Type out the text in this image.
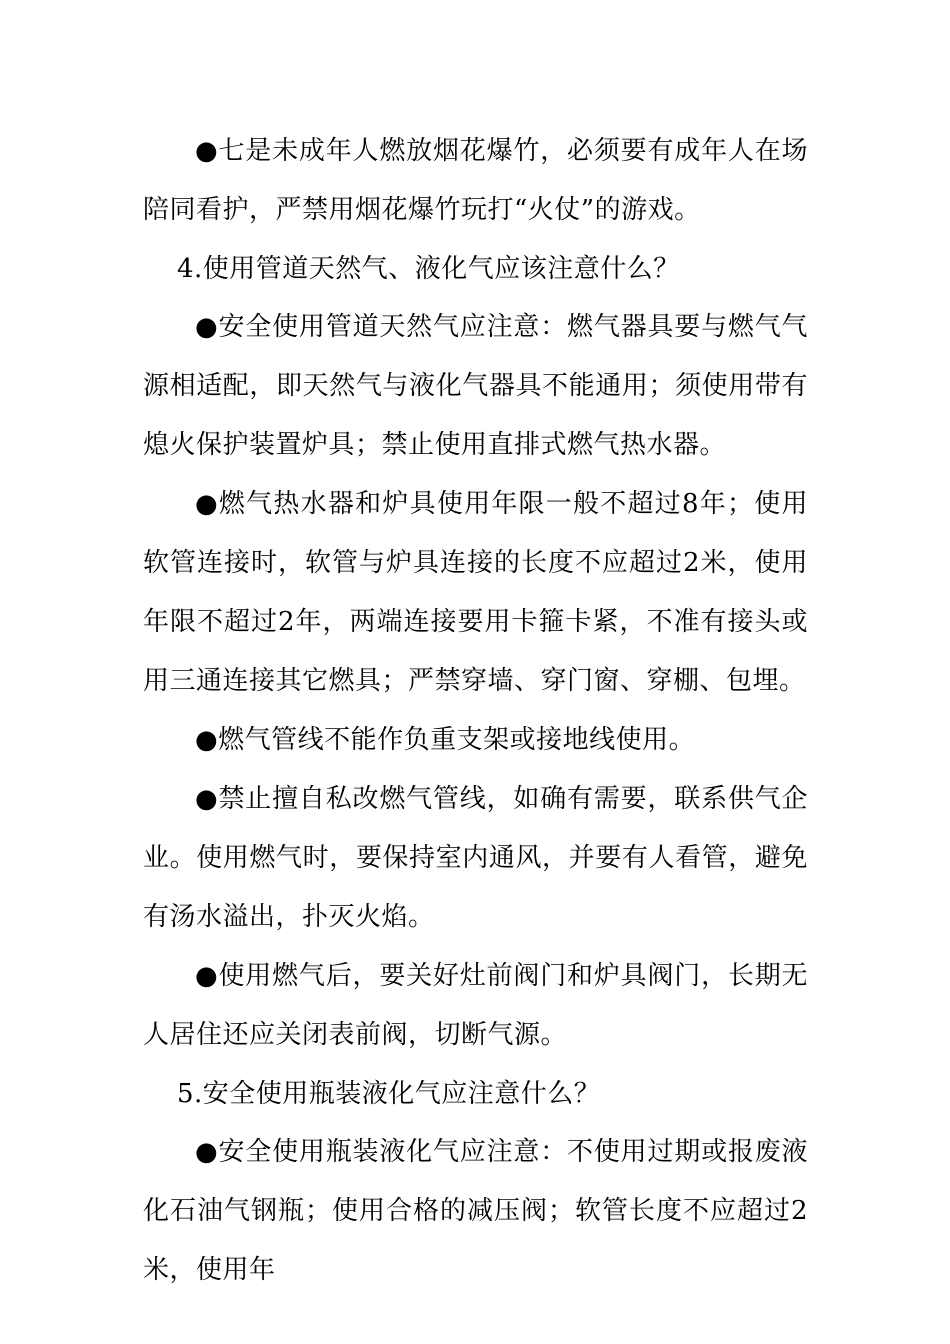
●七是未成年人燃放烟花爆竹，必须要有成年人在场陪同看护，严禁用烟花爆竹玩打“火仗”的游戏。

4.使用管道天然气、液化气应该注意什么？

●安全使用管道天然气应注意：燃气器具要与燃气气源相适配，即天然气与液化气器具不能通用；须使用带有熄火保护装置炉具；禁止使用直排式燃气热水器。

●燃气热水器和炉具使用年限一般不超过8年；使用软管连接时，软管与炉具连接的长度不应超过2米，使用年限不超过2年，两端连接要用卡箍卡紧，不准有接头或用三通连接其它燃具；严禁穿墙、穿门窗、穿棚、包埋。

●燃气管线不能作负重支架或接地线使用。

●禁止擅自私改燃气管线，如确有需要，联系供气企业。使用燃气时，要保持室内通风，并要有人看管，避免有汤水溢出，扑灭火焰。

●使用燃气后，要关好灶前阀门和炉具阀门，长期无人居住还应关闭表前阀，切断气源。

5.安全使用瓶装液化气应注意什么？

●安全使用瓶装液化气应注意：不使用过期或报废液化石油气钢瓶；使用合格的减压阀；软管长度不应超过2米，使用年
